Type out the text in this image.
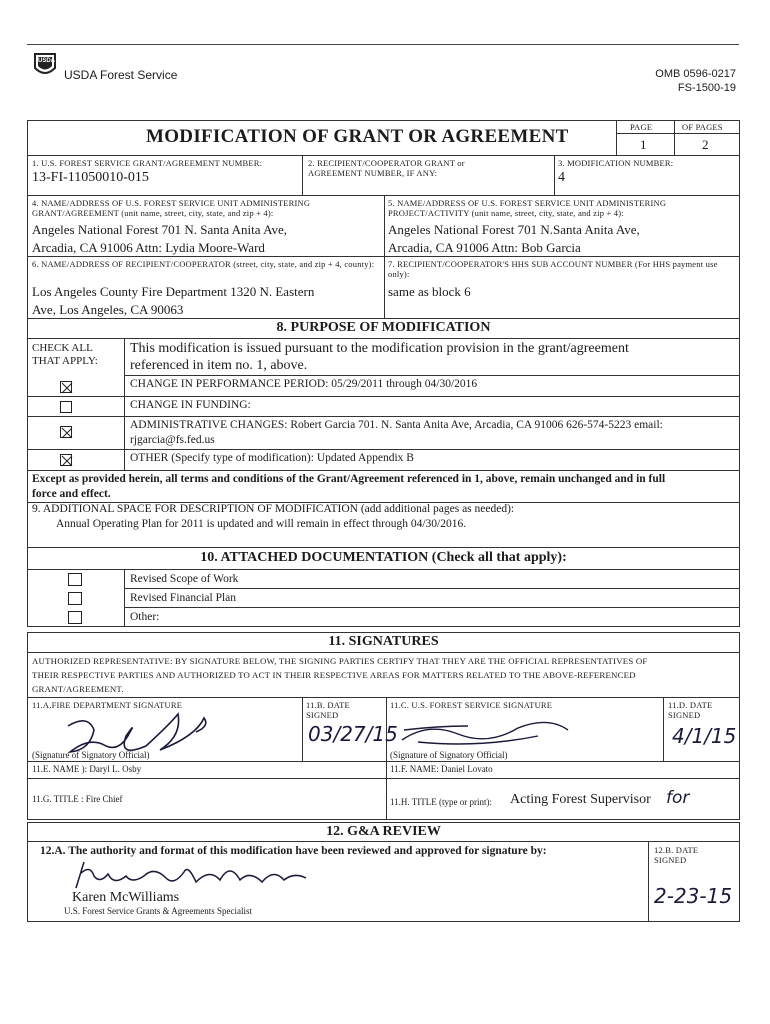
USDA
USDA Forest Service	OMB 0596-0217
FS-1500-19
MODIFICATION OF GRANT OR AGREEMENT	PAGE	OF PAGES
1	2
1. U.S. FOREST SERVICE GRANT/AGREEMENT NUMBER:
13-FI-11050010-015
2. RECIPIENT/COOPERATOR GRANT or AGREEMENT NUMBER, IF ANY:
3. MODIFICATION NUMBER:
4
4. NAME/ADDRESS OF U.S. FOREST SERVICE UNIT ADMINISTERING GRANT/AGREEMENT (unit name, street, city, state, and zip + 4):
Angeles National Forest 701 N. Santa Anita Ave,
Arcadia, CA 91006 Attn: Lydia Moore-Ward
5. NAME/ADDRESS OF U.S. FOREST SERVICE UNIT ADMINISTERING PROJECT/ACTIVITY (unit name, street, city, state, and zip + 4):
Angeles National Forest 701 N.Santa Anita Ave,
Arcadia, CA 91006 Attn: Bob Garcia
6. NAME/ADDRESS OF RECIPIENT/COOPERATOR (street, city, state, and zip + 4, county):
Los Angeles County Fire Department 1320 N. Eastern
Ave, Los Angeles, CA 90063
7. RECIPIENT/COOPERATOR'S HHS SUB ACCOUNT NUMBER (For HHS payment use only):
same as block 6
8. PURPOSE OF MODIFICATION
CHECK ALL THAT APPLY:
This modification is issued pursuant to the modification provision in the grant/agreement
referenced in item no. 1, above.
CHANGE IN PERFORMANCE PERIOD: 05/29/2011 through 04/30/2016
CHANGE IN FUNDING:
ADMINISTRATIVE CHANGES: Robert Garcia 701. N. Santa Anita Ave, Arcadia, CA 91006 626-574-5223 email:
rjgarcia@fs.fed.us
OTHER (Specify type of modification): Updated Appendix B
Except as provided herein, all terms and conditions of the Grant/Agreement referenced in 1, above, remain unchanged and in full
force and effect.
9. ADDITIONAL SPACE FOR DESCRIPTION OF MODIFICATION (add additional pages as needed):
Annual Operating Plan for 2011 is updated and will remain in effect through 04/30/2016.
10. ATTACHED DOCUMENTATION (Check all that apply):
Revised Scope of Work
Revised Financial Plan
Other:
11. SIGNATURES
AUTHORIZED REPRESENTATIVE: BY SIGNATURE BELOW, THE SIGNING PARTIES CERTIFY THAT THEY ARE THE OFFICIAL REPRESENTATIVES OF
THEIR RESPECTIVE PARTIES AND AUTHORIZED TO ACT IN THEIR RESPECTIVE AREAS FOR MATTERS RELATED TO THE ABOVE-REFERENCED
GRANT/AGREEMENT.
11.A.FIRE DEPARTMENT SIGNATURE	11.B. DATE SIGNED
11.C. U.S. FOREST SERVICE SIGNATURE	11.D. DATE SIGNED
03/27/15	4/1/15
(Signature of Signatory Official)	(Signature of Signatory Official)
11.E. NAME ): Daryl L. Osby	11.F. NAME: Daniel Lovato
11.G. TITLE : Fire Chief	11.H. TITLE (type or print): Acting Forest Supervisor for
12. G&A REVIEW
12.A. The authority and format of this modification have been reviewed and approved for signature by:	12.B. DATE SIGNED
Karen McWilliams
U.S. Forest Service Grants & Agreements Specialist
2-23-15
